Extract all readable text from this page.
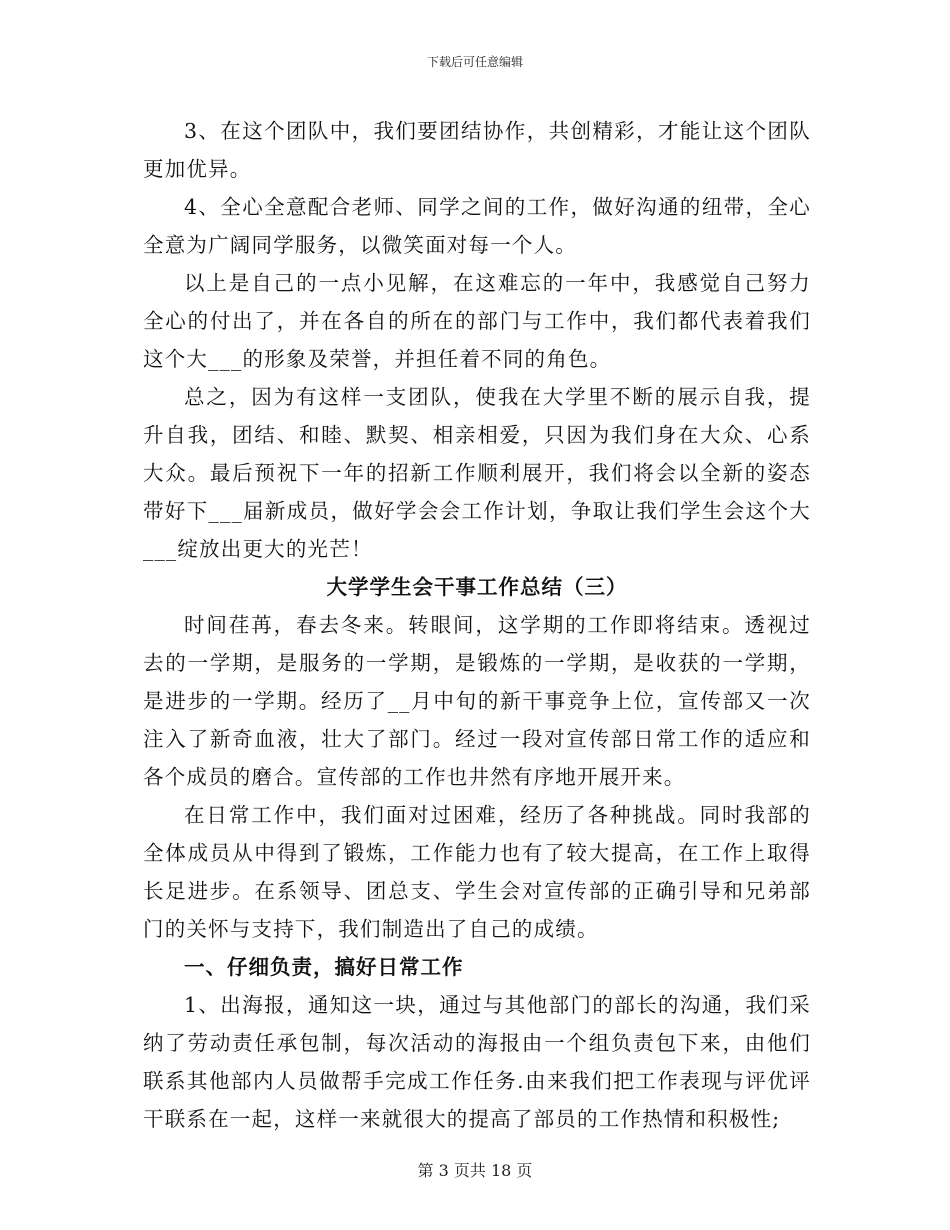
下载后可任意编辑

3、在这个团队中，我们要团结协作，共创精彩，才能让这个团队更加优异。

4、全心全意配合老师、同学之间的工作，做好沟通的纽带，全心全意为广阔同学服务，以微笑面对每一个人。

以上是自己的一点小见解，在这难忘的一年中，我感觉自己努力全心的付出了，并在各自的所在的部门与工作中，我们都代表着我们这个大___的形象及荣誉，并担任着不同的角色。

总之，因为有这样一支团队，使我在大学里不断的展示自我，提升自我，团结、和睦、默契、相亲相爱，只因为我们身在大众、心系大众。最后预祝下一年的招新工作顺利展开，我们将会以全新的姿态带好下___届新成员，做好学会会工作计划，争取让我们学生会这个大___绽放出更大的光芒！

大学学生会干事工作总结（三）

时间荏苒，春去冬来。转眼间，这学期的工作即将结束。透视过去的一学期，是服务的一学期，是锻炼的一学期，是收获的一学期，是进步的一学期。经历了__月中旬的新干事竞争上位，宣传部又一次注入了新奇血液，壮大了部门。经过一段对宣传部日常工作的适应和各个成员的磨合。宣传部的工作也井然有序地开展开来。

在日常工作中，我们面对过困难，经历了各种挑战。同时我部的全体成员从中得到了锻炼，工作能力也有了较大提高，在工作上取得长足进步。在系领导、团总支、学生会对宣传部的正确引导和兄弟部门的关怀与支持下，我们制造出了自己的成绩。

一、仔细负责，搞好日常工作

1、出海报，通知这一块，通过与其他部门的部长的沟通，我们采纳了劳动责任承包制，每次活动的海报由一个组负责包下来，由他们联系其他部内人员做帮手完成工作任务.由来我们把工作表现与评优评干联系在一起，这样一来就很大的提高了部员的工作热情和积极性;

第 3 页共 18 页
